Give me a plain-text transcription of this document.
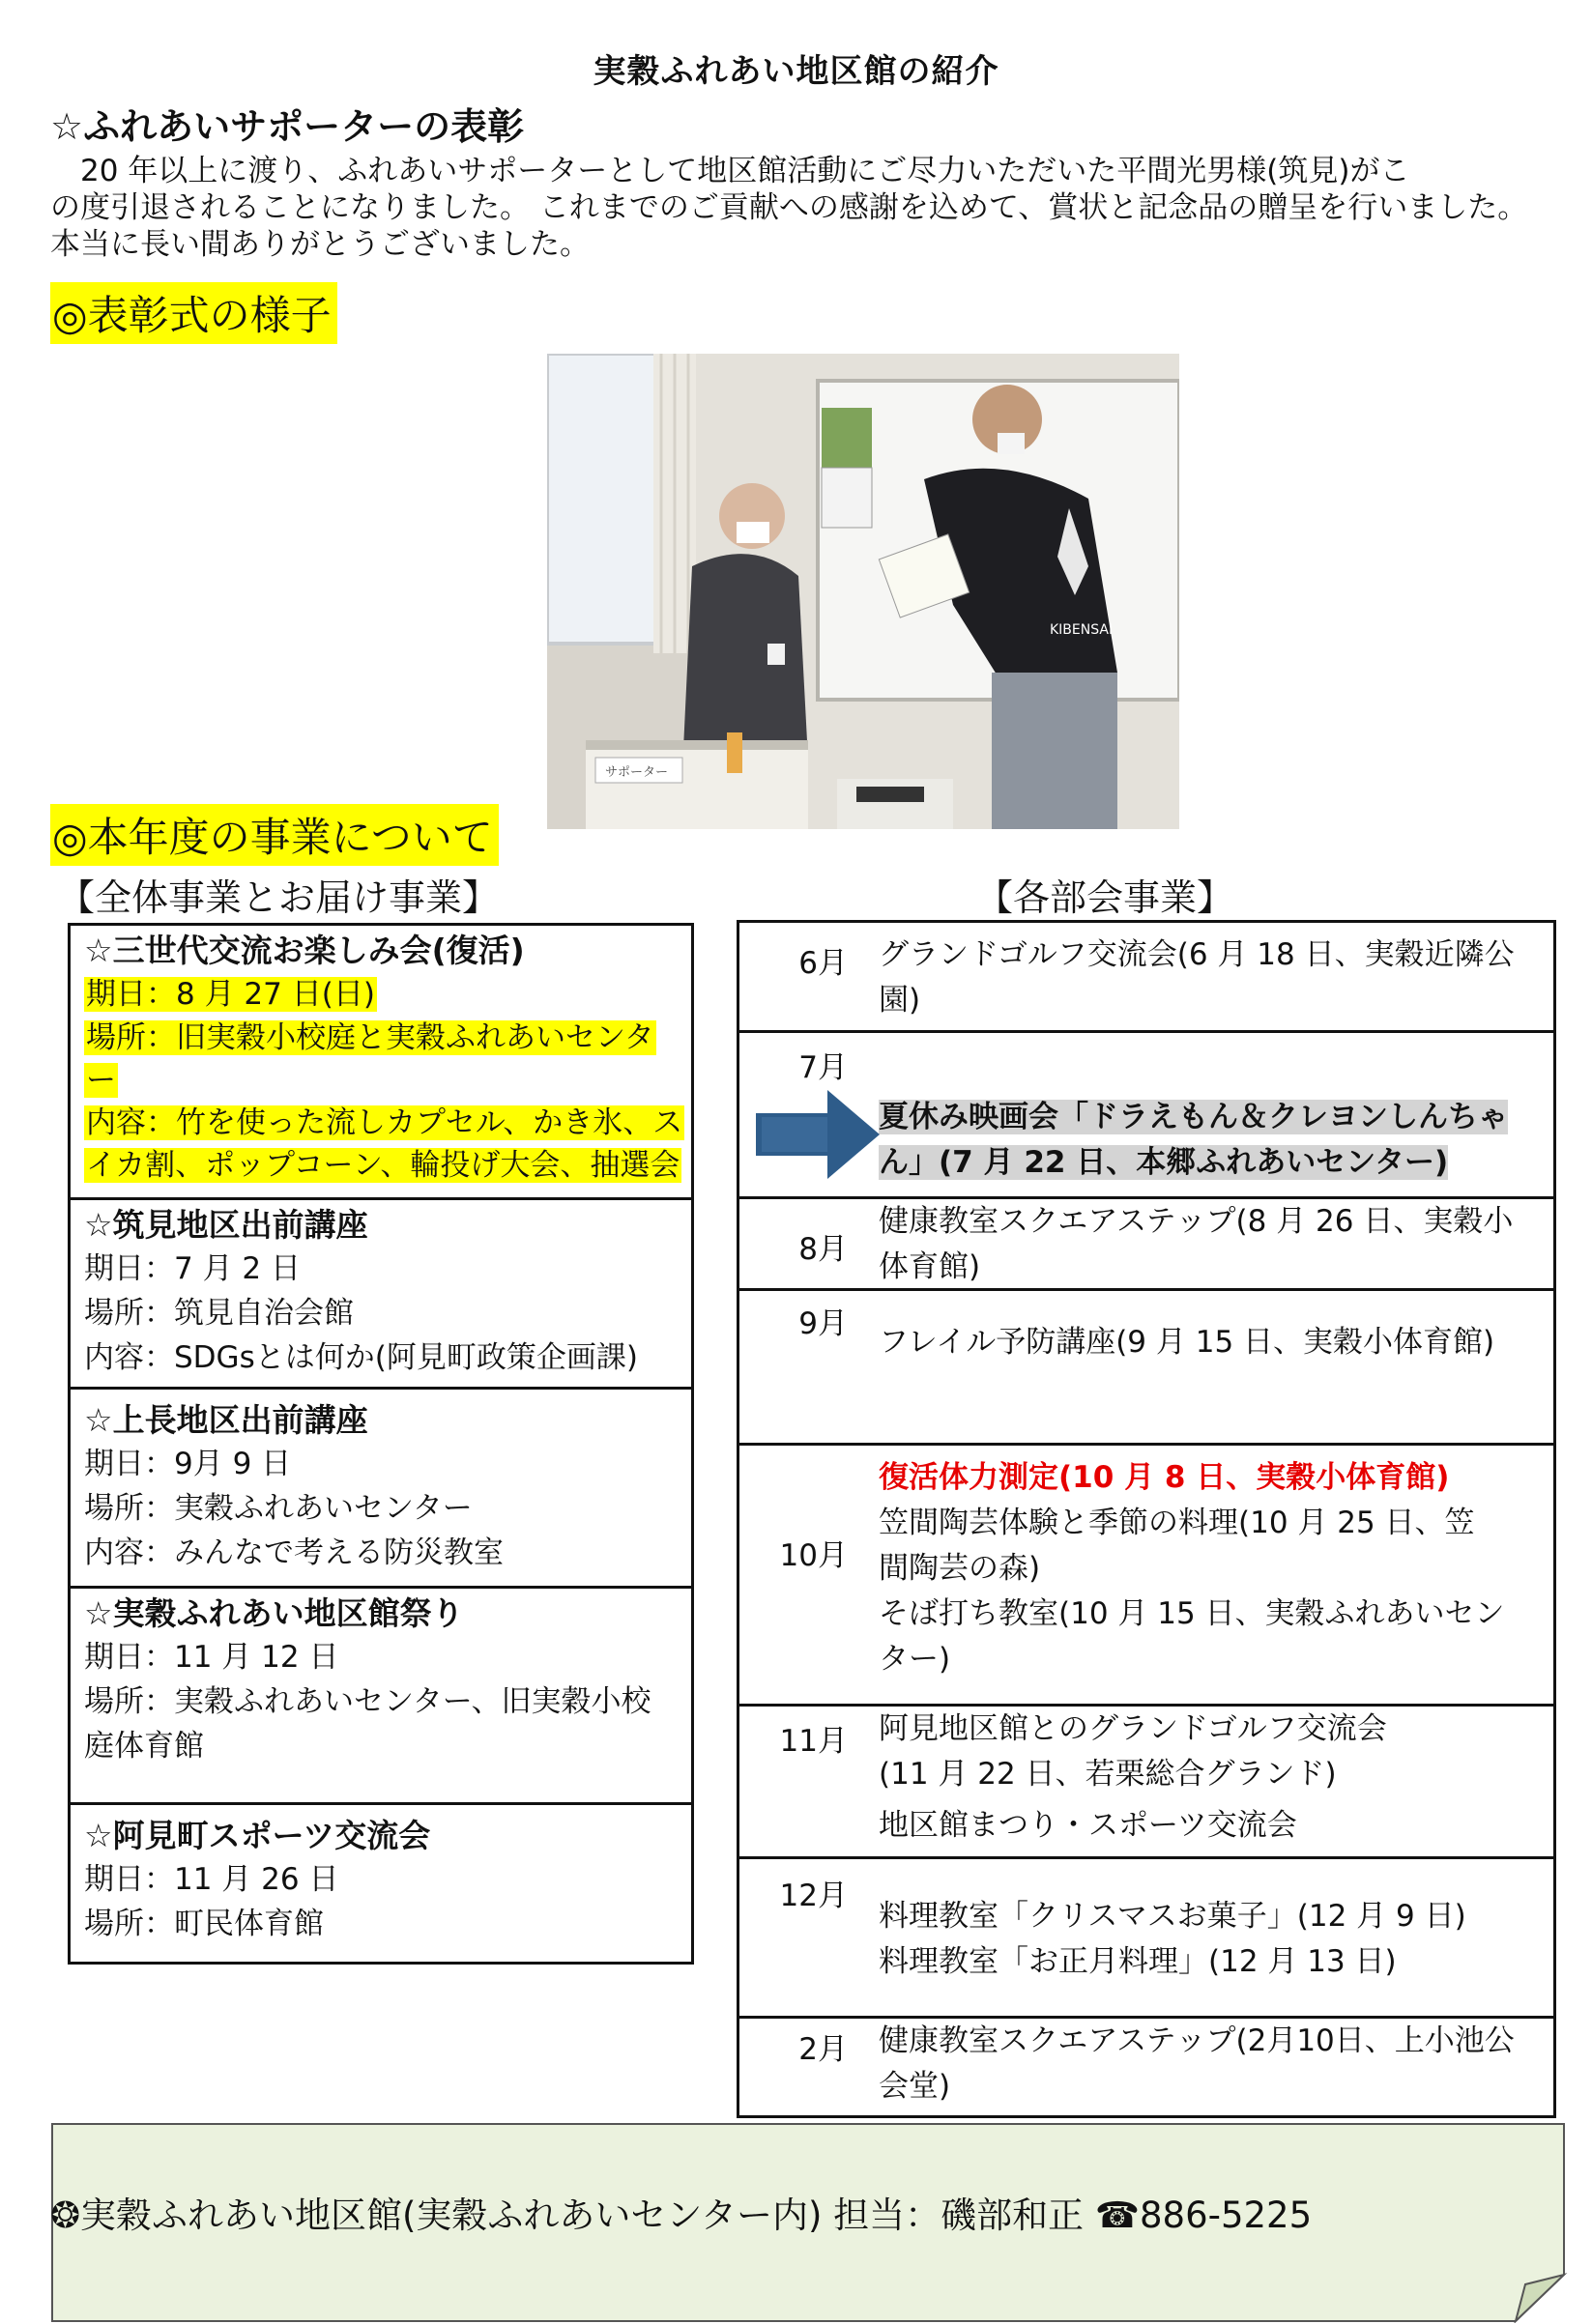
実穀ふれあい地区館の紹介
☆ふれあいサポーターの表彰
　20 年以上に渡り、ふれあいサポーターとして地区館活動にご尽力いただいた平間光男様(筑見)がこ
の度引退されることになりました。 これまでのご貢献への感謝を込めて、賞状と記念品の贈呈を行いました。
本当に長い間ありがとうございました。
◎表彰式の様子
サポーター
KIBENSAI
◎本年度の事業について
【全体事業とお届け事業】	【各部会事業】
☆三世代交流お楽しみ会(復活)
期日：8 月 27 日(日)
場所：旧実穀小校庭と実穀ふれあいセンタ
ー
内容：竹を使った流しカプセル、かき氷、ス
イカ割、ポップコーン、輪投げ大会、抽選会
☆筑見地区出前講座
期日：7 月 2 日
場所：筑見自治会館
内容：SDGsとは何か(阿見町政策企画課)
☆上長地区出前講座
期日：9月 9 日
場所：実穀ふれあいセンター
内容：みんなで考える防災教室
☆実穀ふれあい地区館祭り
期日：11 月 12 日
場所：実穀ふれあいセンター、旧実穀小校
庭体育館
☆阿見町スポーツ交流会
期日：11 月 26 日
場所：町民体育館
6月 グランドゴルフ交流会(6 月 18 日、実穀近隣公
園)
7月
夏休み映画会「ドラえもん＆クレヨンしんちゃ
ん」(7 月 22 日、本郷ふれあいセンター)
8月
健康教室スクエアステップ(8 月 26 日、実穀小
体育館)
9月
フレイル予防講座(9 月 15 日、実穀小体育館)
10月
復活体力測定(10 月 8 日、実穀小体育館)
笠間陶芸体験と季節の料理(10 月 25 日、笠
間陶芸の森)
そば打ち教室(10 月 15 日、実穀ふれあいセン
ター)
11月 阿見地区館とのグランドゴルフ交流会
(11 月 22 日、若栗総合グランド)
地区館まつり・スポーツ交流会
12月
料理教室「クリスマスお菓子」(12 月 9 日)
料理教室「お正月料理」(12 月 13 日)
2月 健康教室スクエアステップ(2月10日、上小池公
会堂)
❂実穀ふれあい地区館(実穀ふれあいセンター内) 担当：磯部和正 ☎886-5225
